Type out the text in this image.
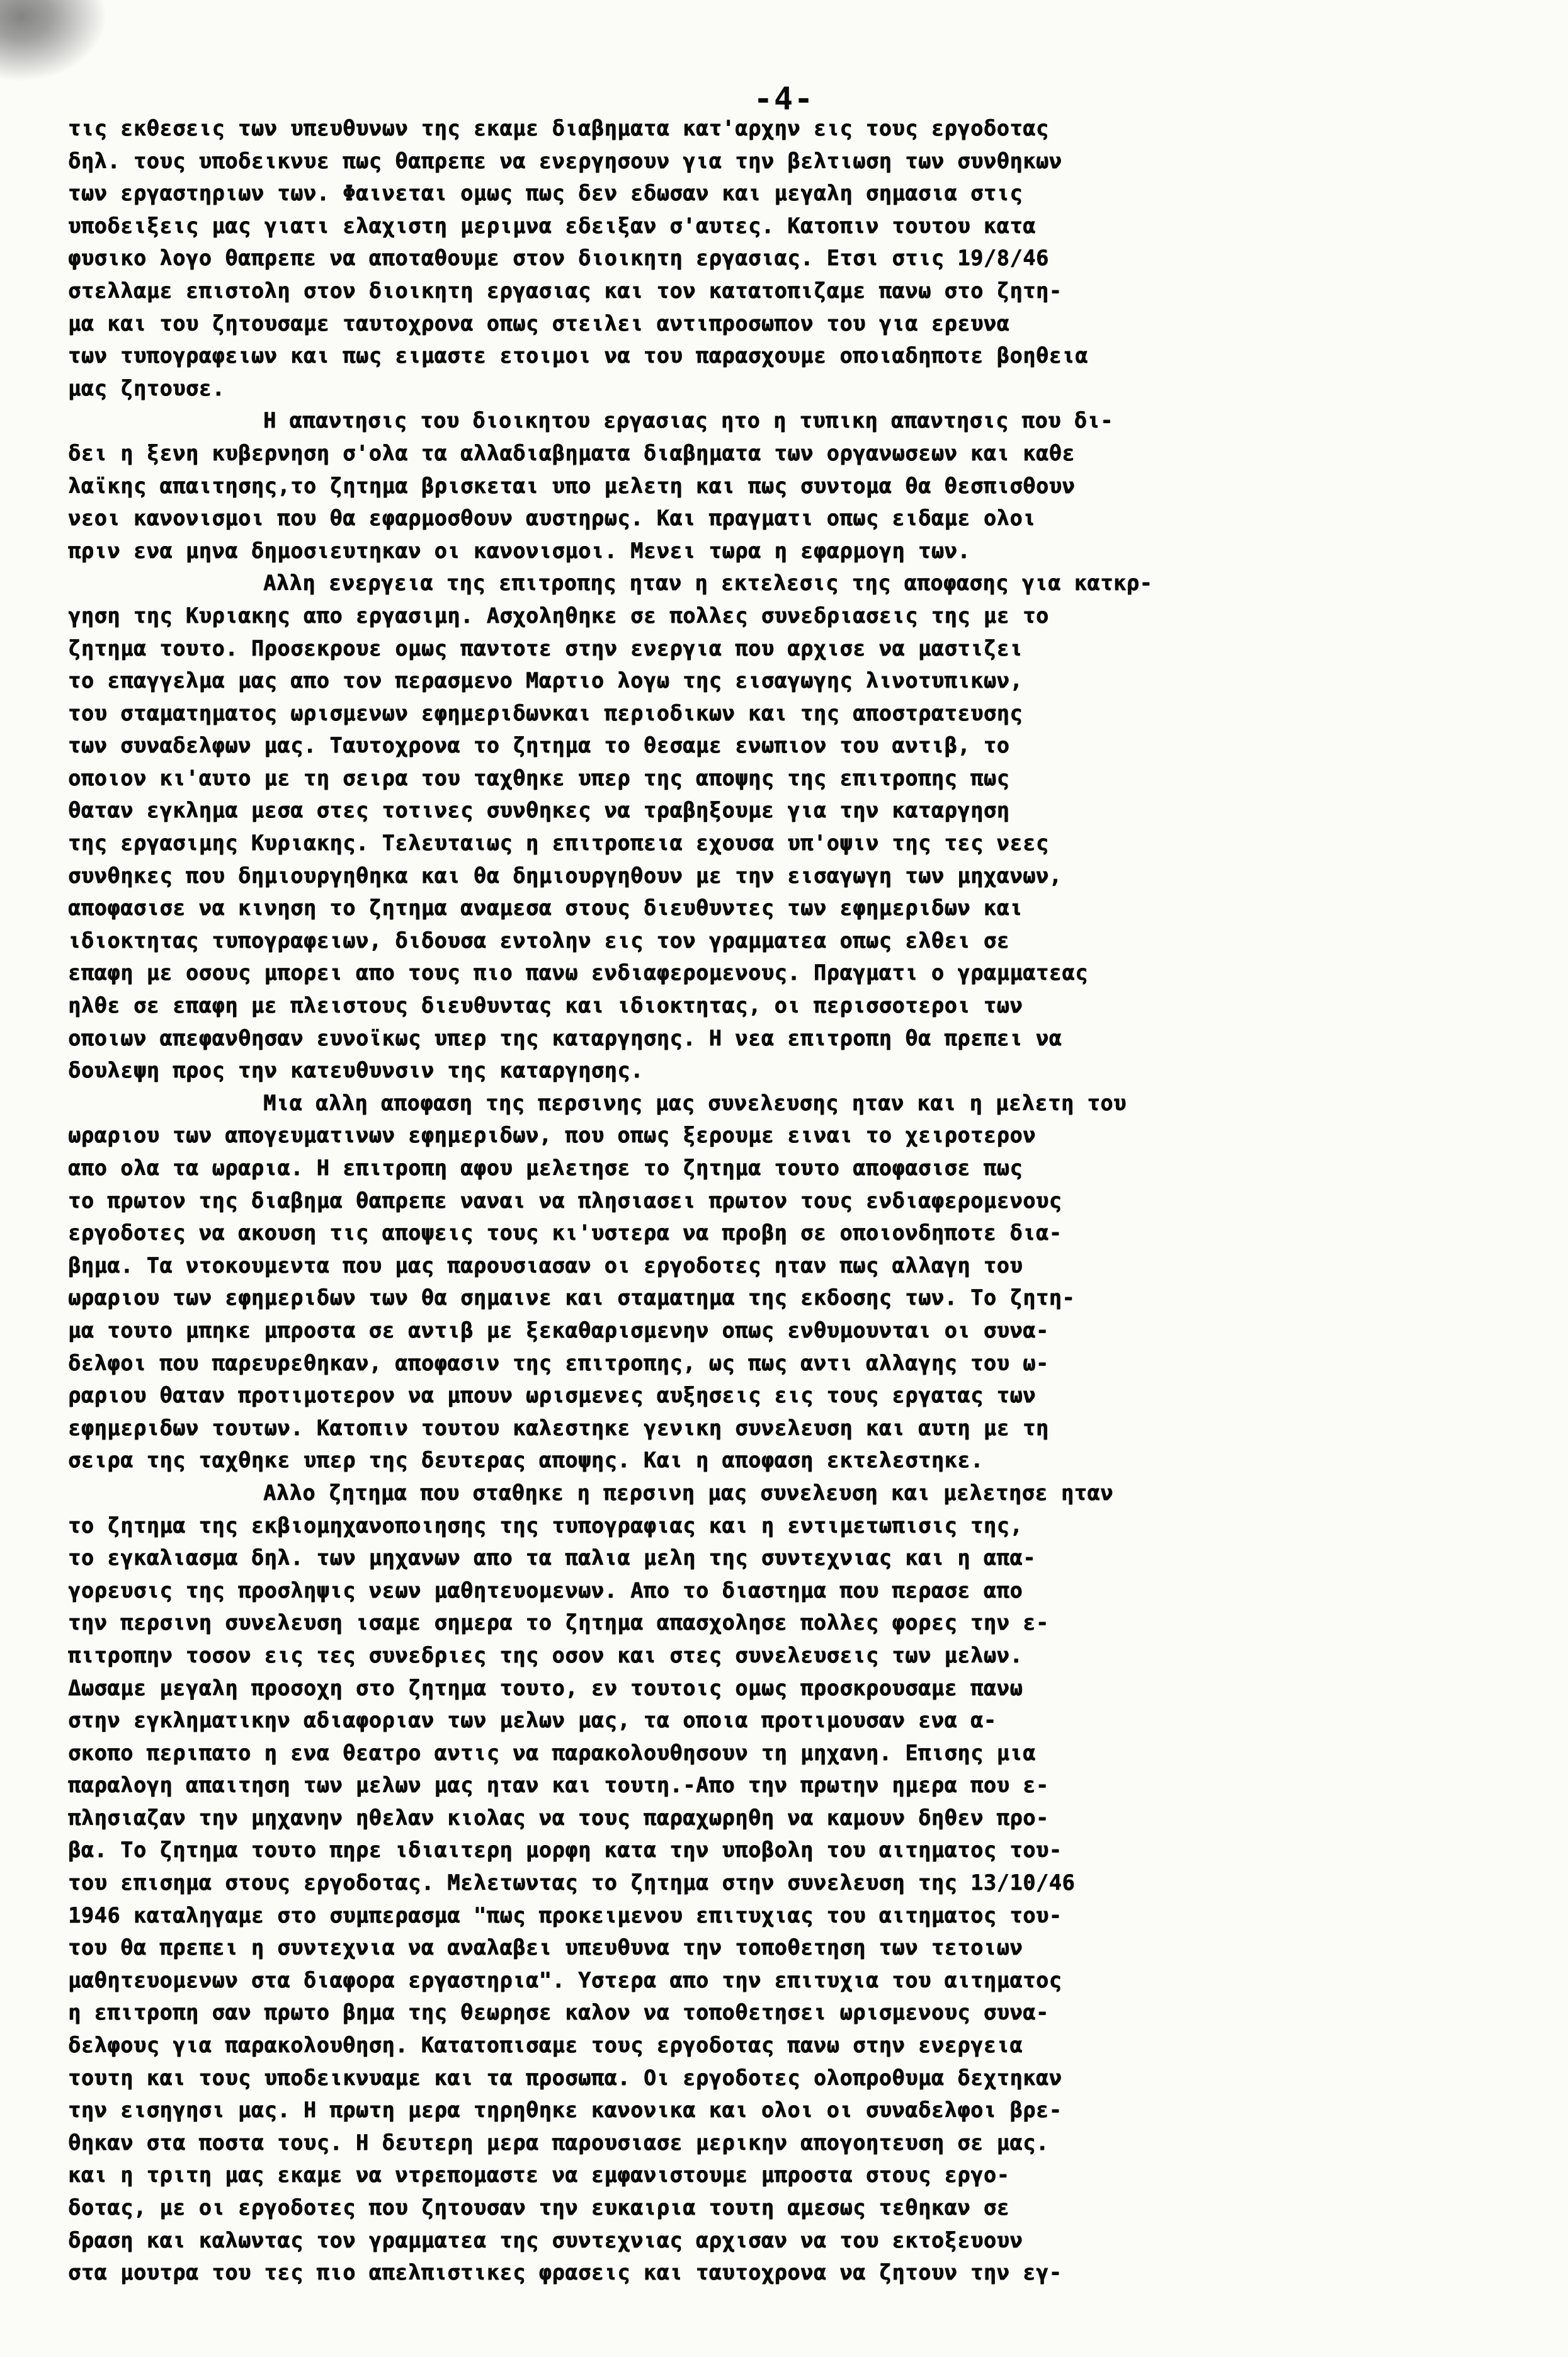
-4-
τις εκθεσεις των υπευθυνων της εκαμε διαβηματα κατ'αρχην εις τους εργοδοτας
δηλ. τους υποδεικνυε πως θαπρεπε να ενεργησουν για την βελτιωση των συνθηκων
των εργαστηριων των. Φαινεται ομως πως δεν εδωσαν και μεγαλη σημασια στις
υποδειξεις μας γιατι ελαχιστη μεριμνα εδειξαν σ'αυτες. Κατοπιν τουτου κατα
φυσικο λογο θαπρεπε να αποταθουμε στον διοικητη εργασιας. Ετσι στις 19/8/46
στελλαμε επιστολη στον διοικητη εργασιας και τον κατατοπιζαμε πανω στο ζητη-
μα και του ζητουσαμε ταυτοχρονα οπως στειλει αντιπροσωπον του για ερευνα
των τυπογραφειων και πως ειμαστε ετοιμοι να του παρασχουμε οποιαδηποτε βοηθεια
μας ζητουσε.
Η απαντησις του διοικητου εργασιας ητο η τυπικη απαντησις που δι-
δει η ξενη κυβερνηση σ'ολα τα αλλαδιαβηματα διαβηματα των οργανωσεων και καθε
λαϊκης απαιτησης,το ζητημα βρισκεται υπο μελετη και πως συντομα θα θεσπισθουν
νεοι κανονισμοι που θα εφαρμοσθουν αυστηρως. Και πραγματι οπως ειδαμε ολοι
πριν ενα μηνα δημοσιευτηκαν οι κανονισμοι. Μενει τωρα η εφαρμογη των.
Αλλη ενεργεια της επιτροπης ηταν η εκτελεσις της αποφασης για κατκρ-
γηση της Κυριακης απο εργασιμη. Ασχοληθηκε σε πολλες συνεδριασεις της με το
ζητημα τουτο. Προσεκρουε ομως παντοτε στην ενεργια που αρχισε να μαστιζει
το επαγγελμα μας απο τον περασμενο Μαρτιο λογω της εισαγωγης λινοτυπικων,
του σταματηματος ωρισμενων εφημεριδωνκαι περιοδικων και της αποστρατευσης
των συναδελφων μας. Ταυτοχρονα το ζητημα το θεσαμε ενωπιον του αντιβ, το
οποιον κι'αυτο με τη σειρα του ταχθηκε υπερ της αποψης της επιτροπης πως
θαταν εγκλημα μεσα στες τοτινες συνθηκες να τραβηξουμε για την καταργηση
της εργασιμης Κυριακης. Τελευταιως η επιτροπεια εχουσα υπ'οψιν της τες νεες
συνθηκες που δημιουργηθηκα και θα δημιουργηθουν με την εισαγωγη των μηχανων,
αποφασισε να κινηση το ζητημα αναμεσα στους διευθυντες των εφημεριδων και
ιδιοκτητας τυπογραφειων, διδουσα εντολην εις τον γραμματεα οπως ελθει σε
επαφη με οσους μπορει απο τους πιο πανω ενδιαφερομενους. Πραγματι ο γραμματεας
ηλθε σε επαφη με πλειστους διευθυντας και ιδιοκτητας, οι περισσοτεροι των
οποιων απεφανθησαν ευνοϊκως υπερ της καταργησης. Η νεα επιτροπη θα πρεπει να
δουλεψη προς την κατευθυνσιν της καταργησης.
Μια αλλη αποφαση της περσινης μας συνελευσης ηταν και η μελετη του
ωραριου των απογευματινων εφημεριδων, που οπως ξερουμε ειναι το χειροτερον
απο ολα τα ωραρια. Η επιτροπη αφου μελετησε το ζητημα τουτο αποφασισε πως
το πρωτον της διαβημα θαπρεπε ναναι να πλησιασει πρωτον τους ενδιαφερομενους
εργοδοτες να ακουση τις αποψεις τους κι'υστερα να προβη σε οποιονδηποτε δια-
βημα. Τα ντοκουμεντα που μας παρουσιασαν οι εργοδοτες ηταν πως αλλαγη του
ωραριου των εφημεριδων των θα σημαινε και σταματημα της εκδοσης των. Το ζητη-
μα τουτο μπηκε μπροστα σε αντιβ με ξεκαθαρισμενην οπως ενθυμουνται οι συνα-
δελφοι που παρευρεθηκαν, αποφασιν της επιτροπης, ως πως αντι αλλαγης του ω-
ραριου θαταν προτιμοτερον να μπουν ωρισμενες αυξησεις εις τους εργατας των
εφημεριδων τουτων. Κατοπιν τουτου καλεστηκε γενικη συνελευση και αυτη με τη
σειρα της ταχθηκε υπερ της δευτερας αποψης. Και η αποφαση εκτελεστηκε.
Αλλο ζητημα που σταθηκε η περσινη μας συνελευση και μελετησε ηταν
το ζητημα της εκβιομηχανοποιησης της τυπογραφιας και η εντιμετωπισις της,
το εγκαλιασμα δηλ. των μηχανων απο τα παλια μελη της συντεχνιας και η απα-
γορευσις της προσληψις νεων μαθητευομενων. Απο το διαστημα που περασε απο
την περσινη συνελευση ισαμε σημερα το ζητημα απασχολησε πολλες φορες την ε-
πιτροπην τοσον εις τες συνεδριες της οσον και στες συνελευσεις των μελων.
Δωσαμε μεγαλη προσοχη στο ζητημα τουτο, εν τουτοις ομως προσκρουσαμε πανω
στην εγκληματικην αδιαφοριαν των μελων μας, τα οποια προτιμουσαν ενα α-
σκοπο περιπατο η ενα θεατρο αντις να παρακολουθησουν τη μηχανη. Επισης μια
παραλογη απαιτηση των μελων μας ηταν και τουτη.-Απο την πρωτην ημερα που ε-
πλησιαζαν την μηχανην ηθελαν κιολας να τους παραχωρηθη να καμουν δηθεν προ-
βα. Το ζητημα τουτο πηρε ιδιαιτερη μορφη κατα την υποβολη του αιτηματος του-
του επισημα στους εργοδοτας. Μελετωντας το ζητημα στην συνελευση της 13/10/46
1946 καταληγαμε στο συμπερασμα "πως προκειμενου επιτυχιας του αιτηματος του-
του θα πρεπει η συντεχνια να αναλαβει υπευθυνα την τοποθετηση των τετοιων
μαθητευομενων στα διαφορα εργαστηρια". Υστερα απο την επιτυχια του αιτηματος
η επιτροπη σαν πρωτο βημα της θεωρησε καλον να τοποθετησει ωρισμενους συνα-
δελφους για παρακολουθηση. Κατατοπισαμε τους εργοδοτας πανω στην ενεργεια
τουτη και τους υποδεικνυαμε και τα προσωπα. Οι εργοδοτες ολοπροθυμα δεχτηκαν
την εισηγησι μας. Η πρωτη μερα τηρηθηκε κανονικα και ολοι οι συναδελφοι βρε-
θηκαν στα ποστα τους. Η δευτερη μερα παρουσιασε μερικην απογοητευση σε μας.
και η τριτη μας εκαμε να ντρεπομαστε να εμφανιστουμε μπροστα στους εργο-
δοτας, με οι εργοδοτες που ζητουσαν την ευκαιρια τουτη αμεσως τεθηκαν σε
δραση και καλωντας τον γραμματεα της συντεχνιας αρχισαν να του εκτοξευουν
στα μουτρα του τες πιο απελπιστικες φρασεις και ταυτοχρονα να ζητουν την εγ-
